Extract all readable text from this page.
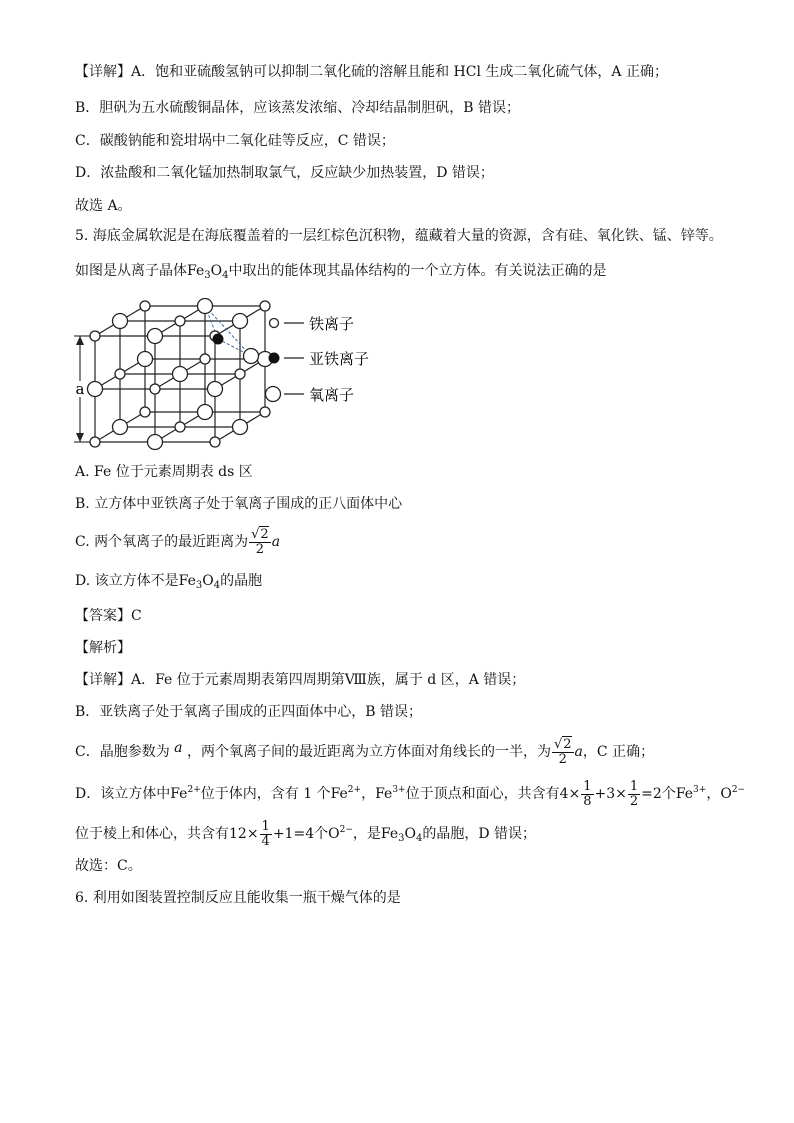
【详解】A．饱和亚硫酸氢钠可以抑制二氧化硫的溶解且能和 HCl 生成二氧化硫气体，A 正确；
B．胆矾为五水硫酸铜晶体，应该蒸发浓缩、冷却结晶制胆矾，B 错误；
C．碳酸钠能和瓷坩埚中二氧化硅等反应，C 错误；
D．浓盐酸和二氧化锰加热制取氯气，反应缺少加热装置，D 错误；
故选 A。
5. 海底金属软泥是在海底覆盖着的一层红棕色沉积物，蕴藏着大量的资源，含有硅、氧化铁、锰、锌等。
如图是从离子晶体$Fe_3O_4$中取出的能体现其晶体结构的一个立方体。有关说法正确的是
a
铁离子
亚铁离子
氧离子
A. Fe 位于元素周期表 ds 区
B. 立方体中亚铁离子处于氧离子围成的正八面体中心
C. 两个氧离子的最近距离为 $\frac{√2}{2}$ a
D. 该立方体不是$Fe_3O_4$的晶胞
【答案】C
【解析】
【详解】A．Fe 位于元素周期表第四周期第Ⅷ族，属于 d 区，A 错误；
B．亚铁离子处于氧离子围成的正四面体中心，B 错误；
C．晶胞参数为 a ，两个氧离子间的最近距离为立方体面对角线长的一半，为 $\frac{√2}{2}$ a，C 正确；
D．该立方体中$Fe^{2+}$位于体内，含有 1 个$Fe^{2+}$，$Fe^{3+}$位于顶点和面心，共含有$4\times \frac{1}{8} +3\times \frac{1}{2} =2$个$Fe^{3+}$，$O^{2-}$
位于棱上和体心，共含有$12\times \frac{1}{4} +1=4$个$O^{2-}$，是$Fe_3O_4$的晶胞，D 错误；
故选：C。
6. 利用如图装置控制反应且能收集一瓶干燥气体的是
